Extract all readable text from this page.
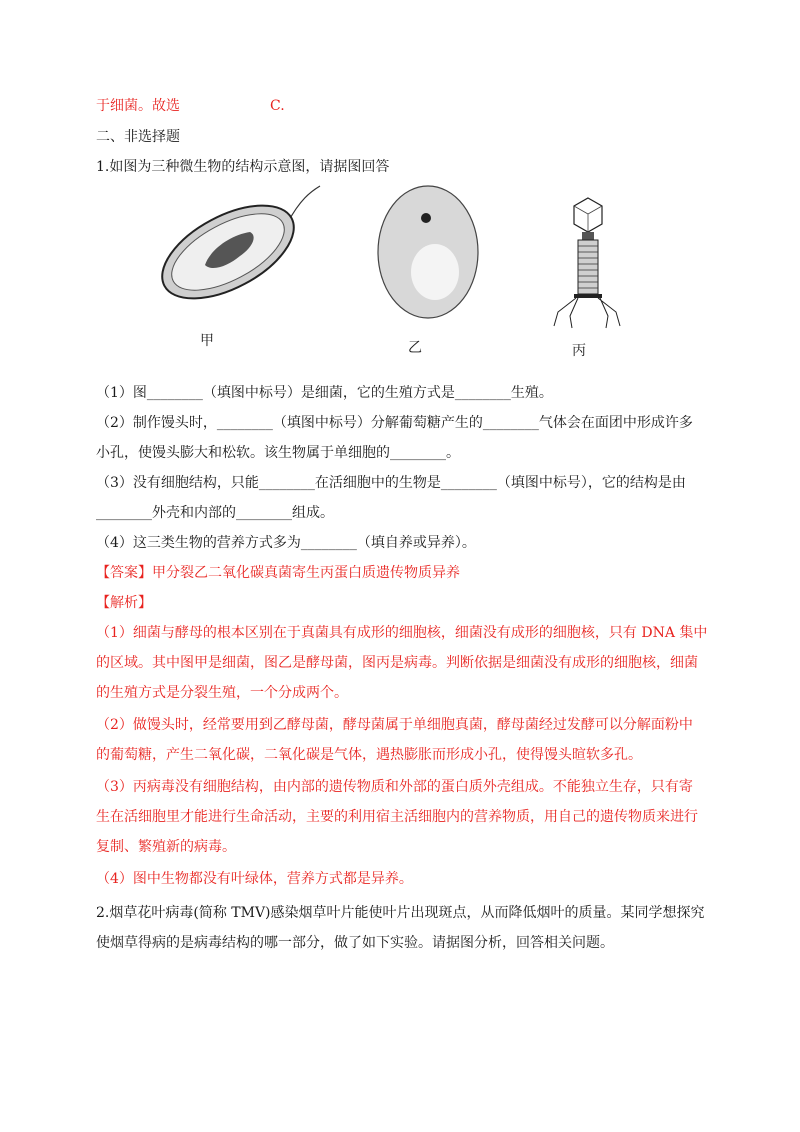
于细菌。故选	C.
二、非选择题
1.如图为三种微生物的结构示意图，请据图回答
甲	乙	丙
（1）图________（填图中标号）是细菌，它的生殖方式是________生殖。
（2）制作馒头时，________（填图中标号）分解葡萄糖产生的________气体会在面团中形成许多
小孔，使馒头膨大和松软。该生物属于单细胞的________。
（3）没有细胞结构，只能________在活细胞中的生物是________（填图中标号），它的结构是由
________外壳和内部的________组成。
（4）这三类生物的营养方式多为________（填自养或异养）。
【答案】甲分裂乙二氧化碳真菌寄生丙蛋白质遗传物质异养
【解析】
（1）细菌与酵母的根本区别在于真菌具有成形的细胞核，细菌没有成形的细胞核，只有 DNA 集中
的区域。其中图甲是细菌，图乙是酵母菌，图丙是病毒。判断依据是细菌没有成形的细胞核，细菌
的生殖方式是分裂生殖，一个分成两个。
（2）做馒头时，经常要用到乙酵母菌，酵母菌属于单细胞真菌，酵母菌经过发酵可以分解面粉中
的葡萄糖，产生二氧化碳，二氧化碳是气体，遇热膨胀而形成小孔，使得馒头暄软多孔。
（3）丙病毒没有细胞结构，由内部的遗传物质和外部的蛋白质外壳组成。不能独立生存，只有寄
生在活细胞里才能进行生命活动，主要的利用宿主活细胞内的营养物质，用自己的遗传物质来进行
复制、繁殖新的病毒。
（4）图中生物都没有叶绿体，营养方式都是异养。
2.烟草花叶病毒(简称 TMV)感染烟草叶片能使叶片出现斑点，从而降低烟叶的质量。某同学想探究
使烟草得病的是病毒结构的哪一部分，做了如下实验。请据图分析，回答相关问题。
